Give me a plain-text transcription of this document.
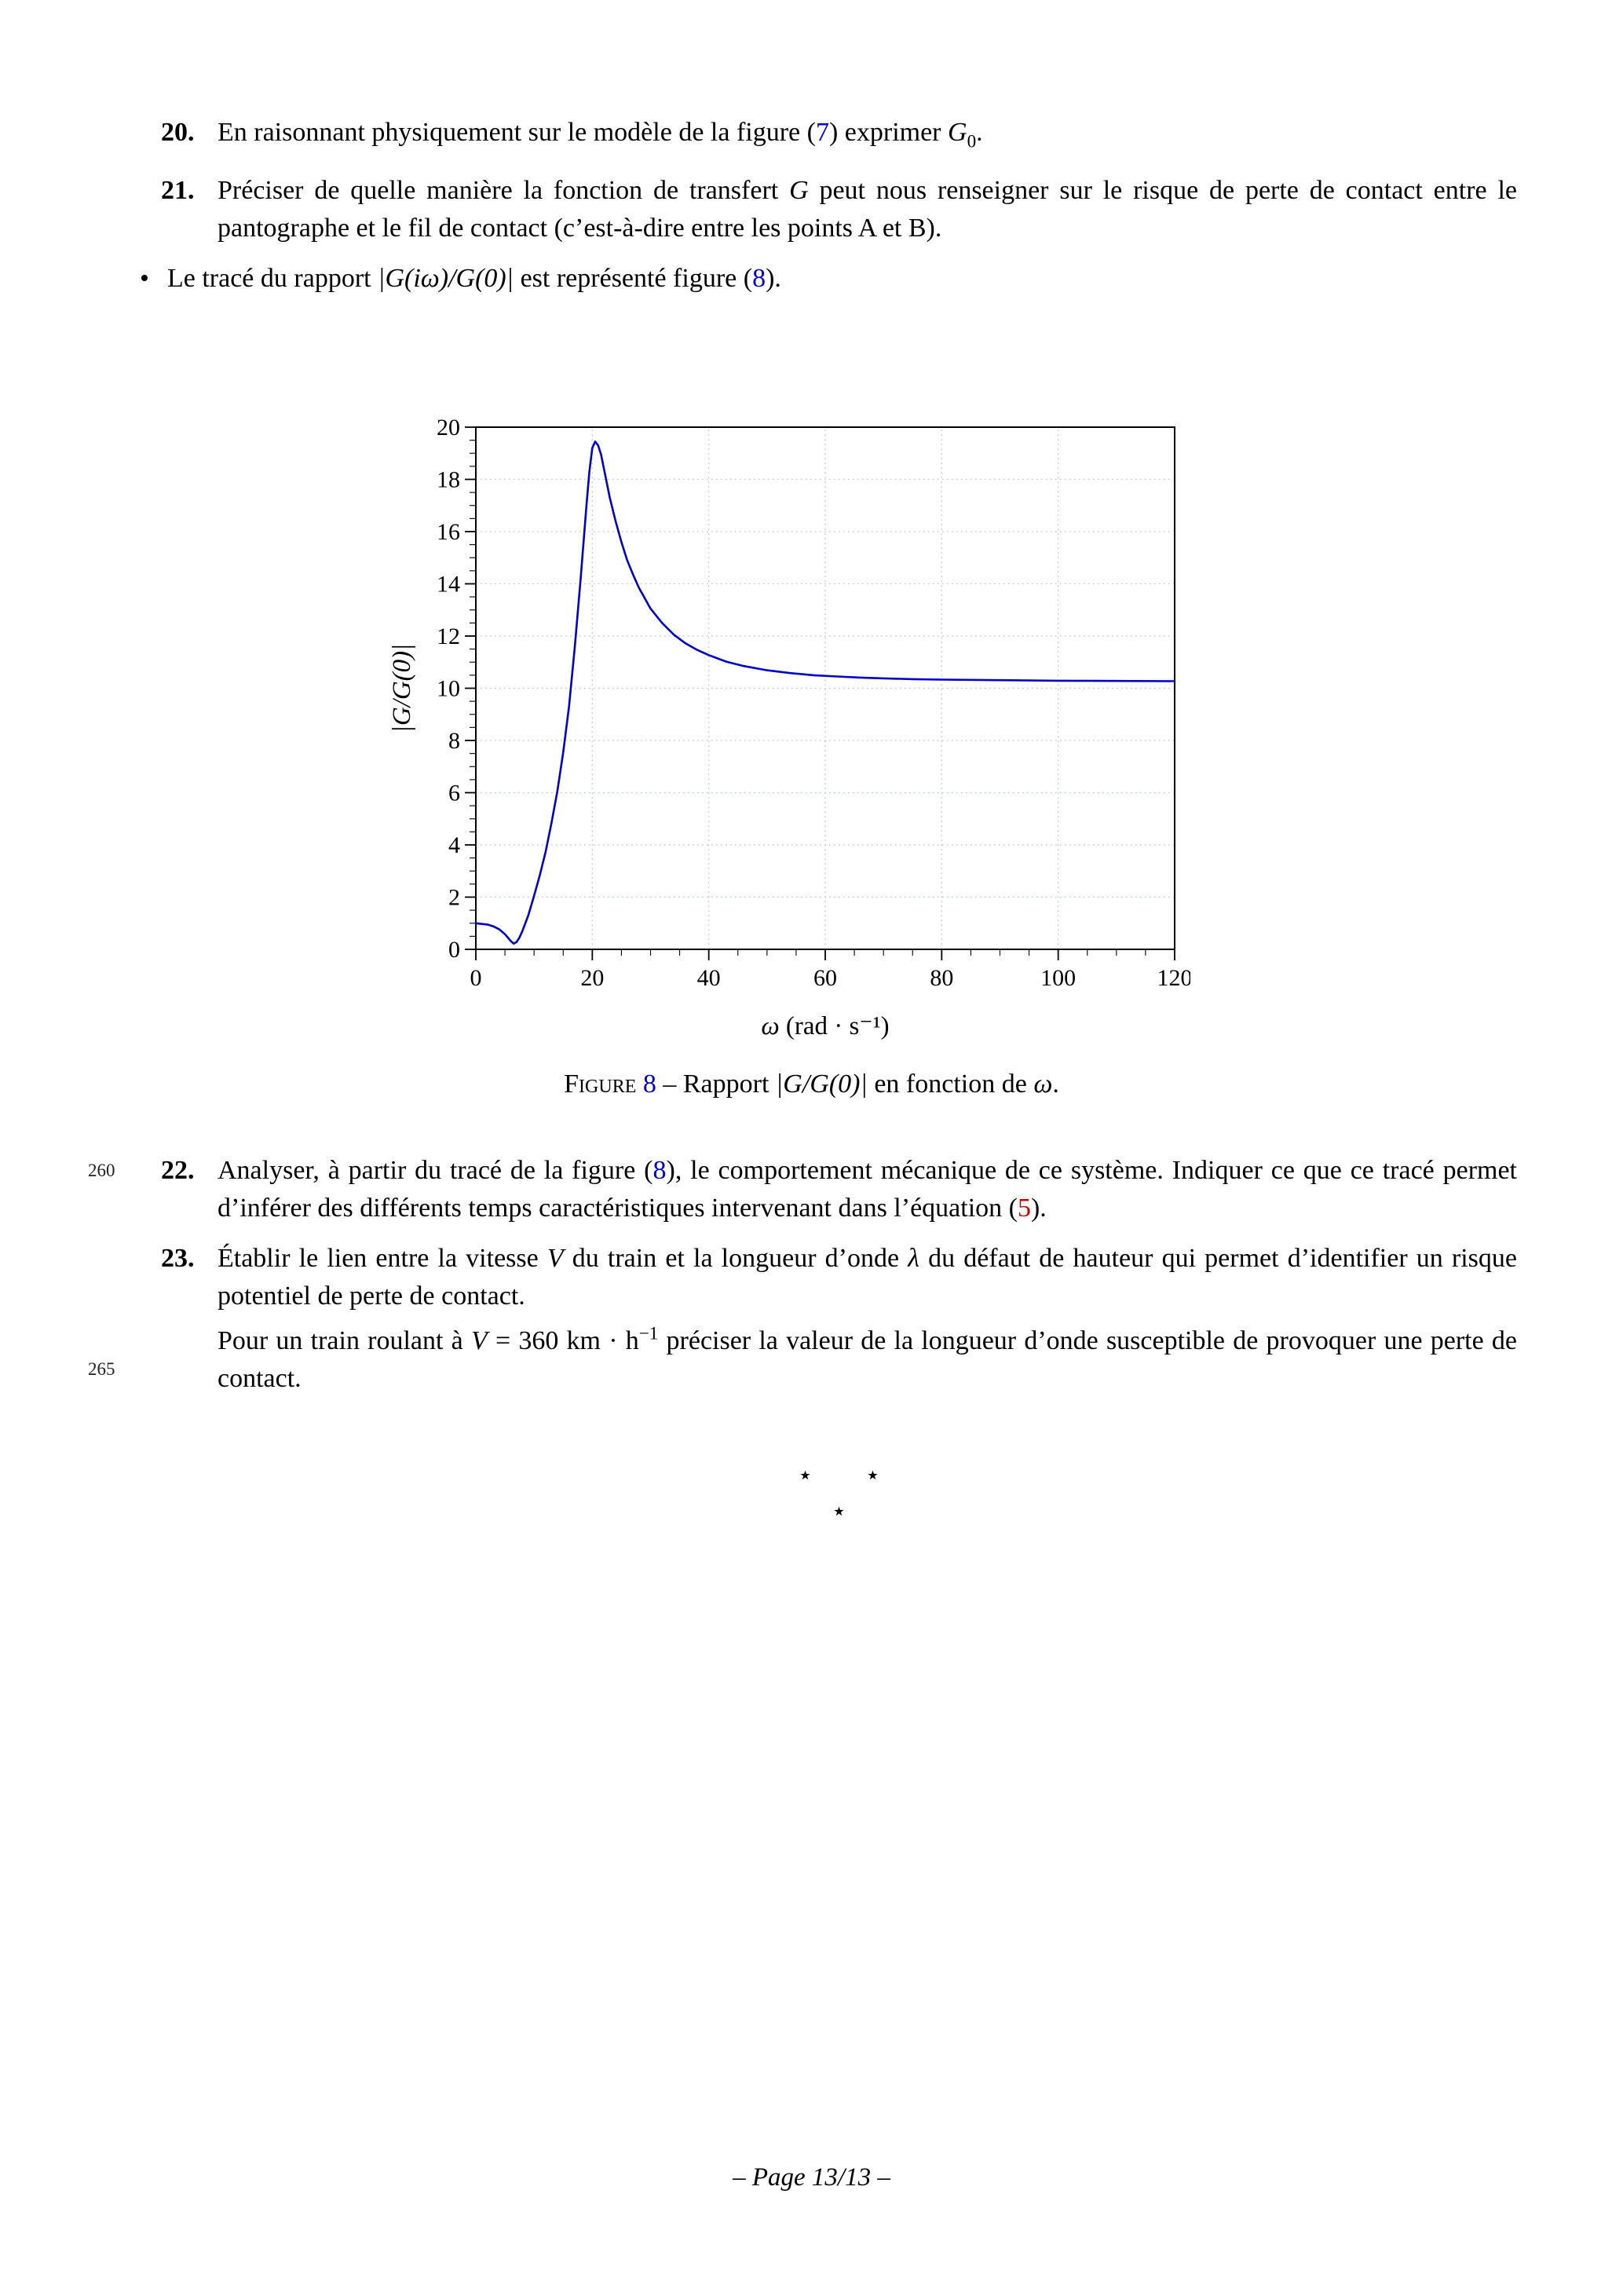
20. En raisonnant physiquement sur le modèle de la figure (7) exprimer $G_0$.
21. Préciser de quelle manière la fonction de transfert G peut nous renseigner sur le risque de perte de contact entre le pantographe et le fil de contact (c’est-à-dire entre les points A et B).
• Le tracé du rapport |G(iω)/G(0)| est représenté figure (8).
0	20	40	60	80	100	120
0
2
4
6
8
10
12
14
16
18
20
ω (rad · s⁻¹)
|G/G(0)|
Figure 8 – Rapport |G/G(0)| en fonction de ω.
260 22. Analyser, à partir du tracé de la figure (8), le comportement mécanique de ce système. Indiquer ce que ce tracé permet d’inférer des différents temps caractéristiques intervenant dans l’équation (5).
23. Établir le lien entre la vitesse V du train et la longueur d’onde λ du défaut de hauteur qui permet d’identifier un risque potentiel de perte de contact.
265
Pour un train roulant à V = 360 km · $h^{-1}$ préciser la valeur de la longueur d’onde susceptible de provoquer une perte de contact.
⋆ ⋆
⋆
– Page 13/13 –
